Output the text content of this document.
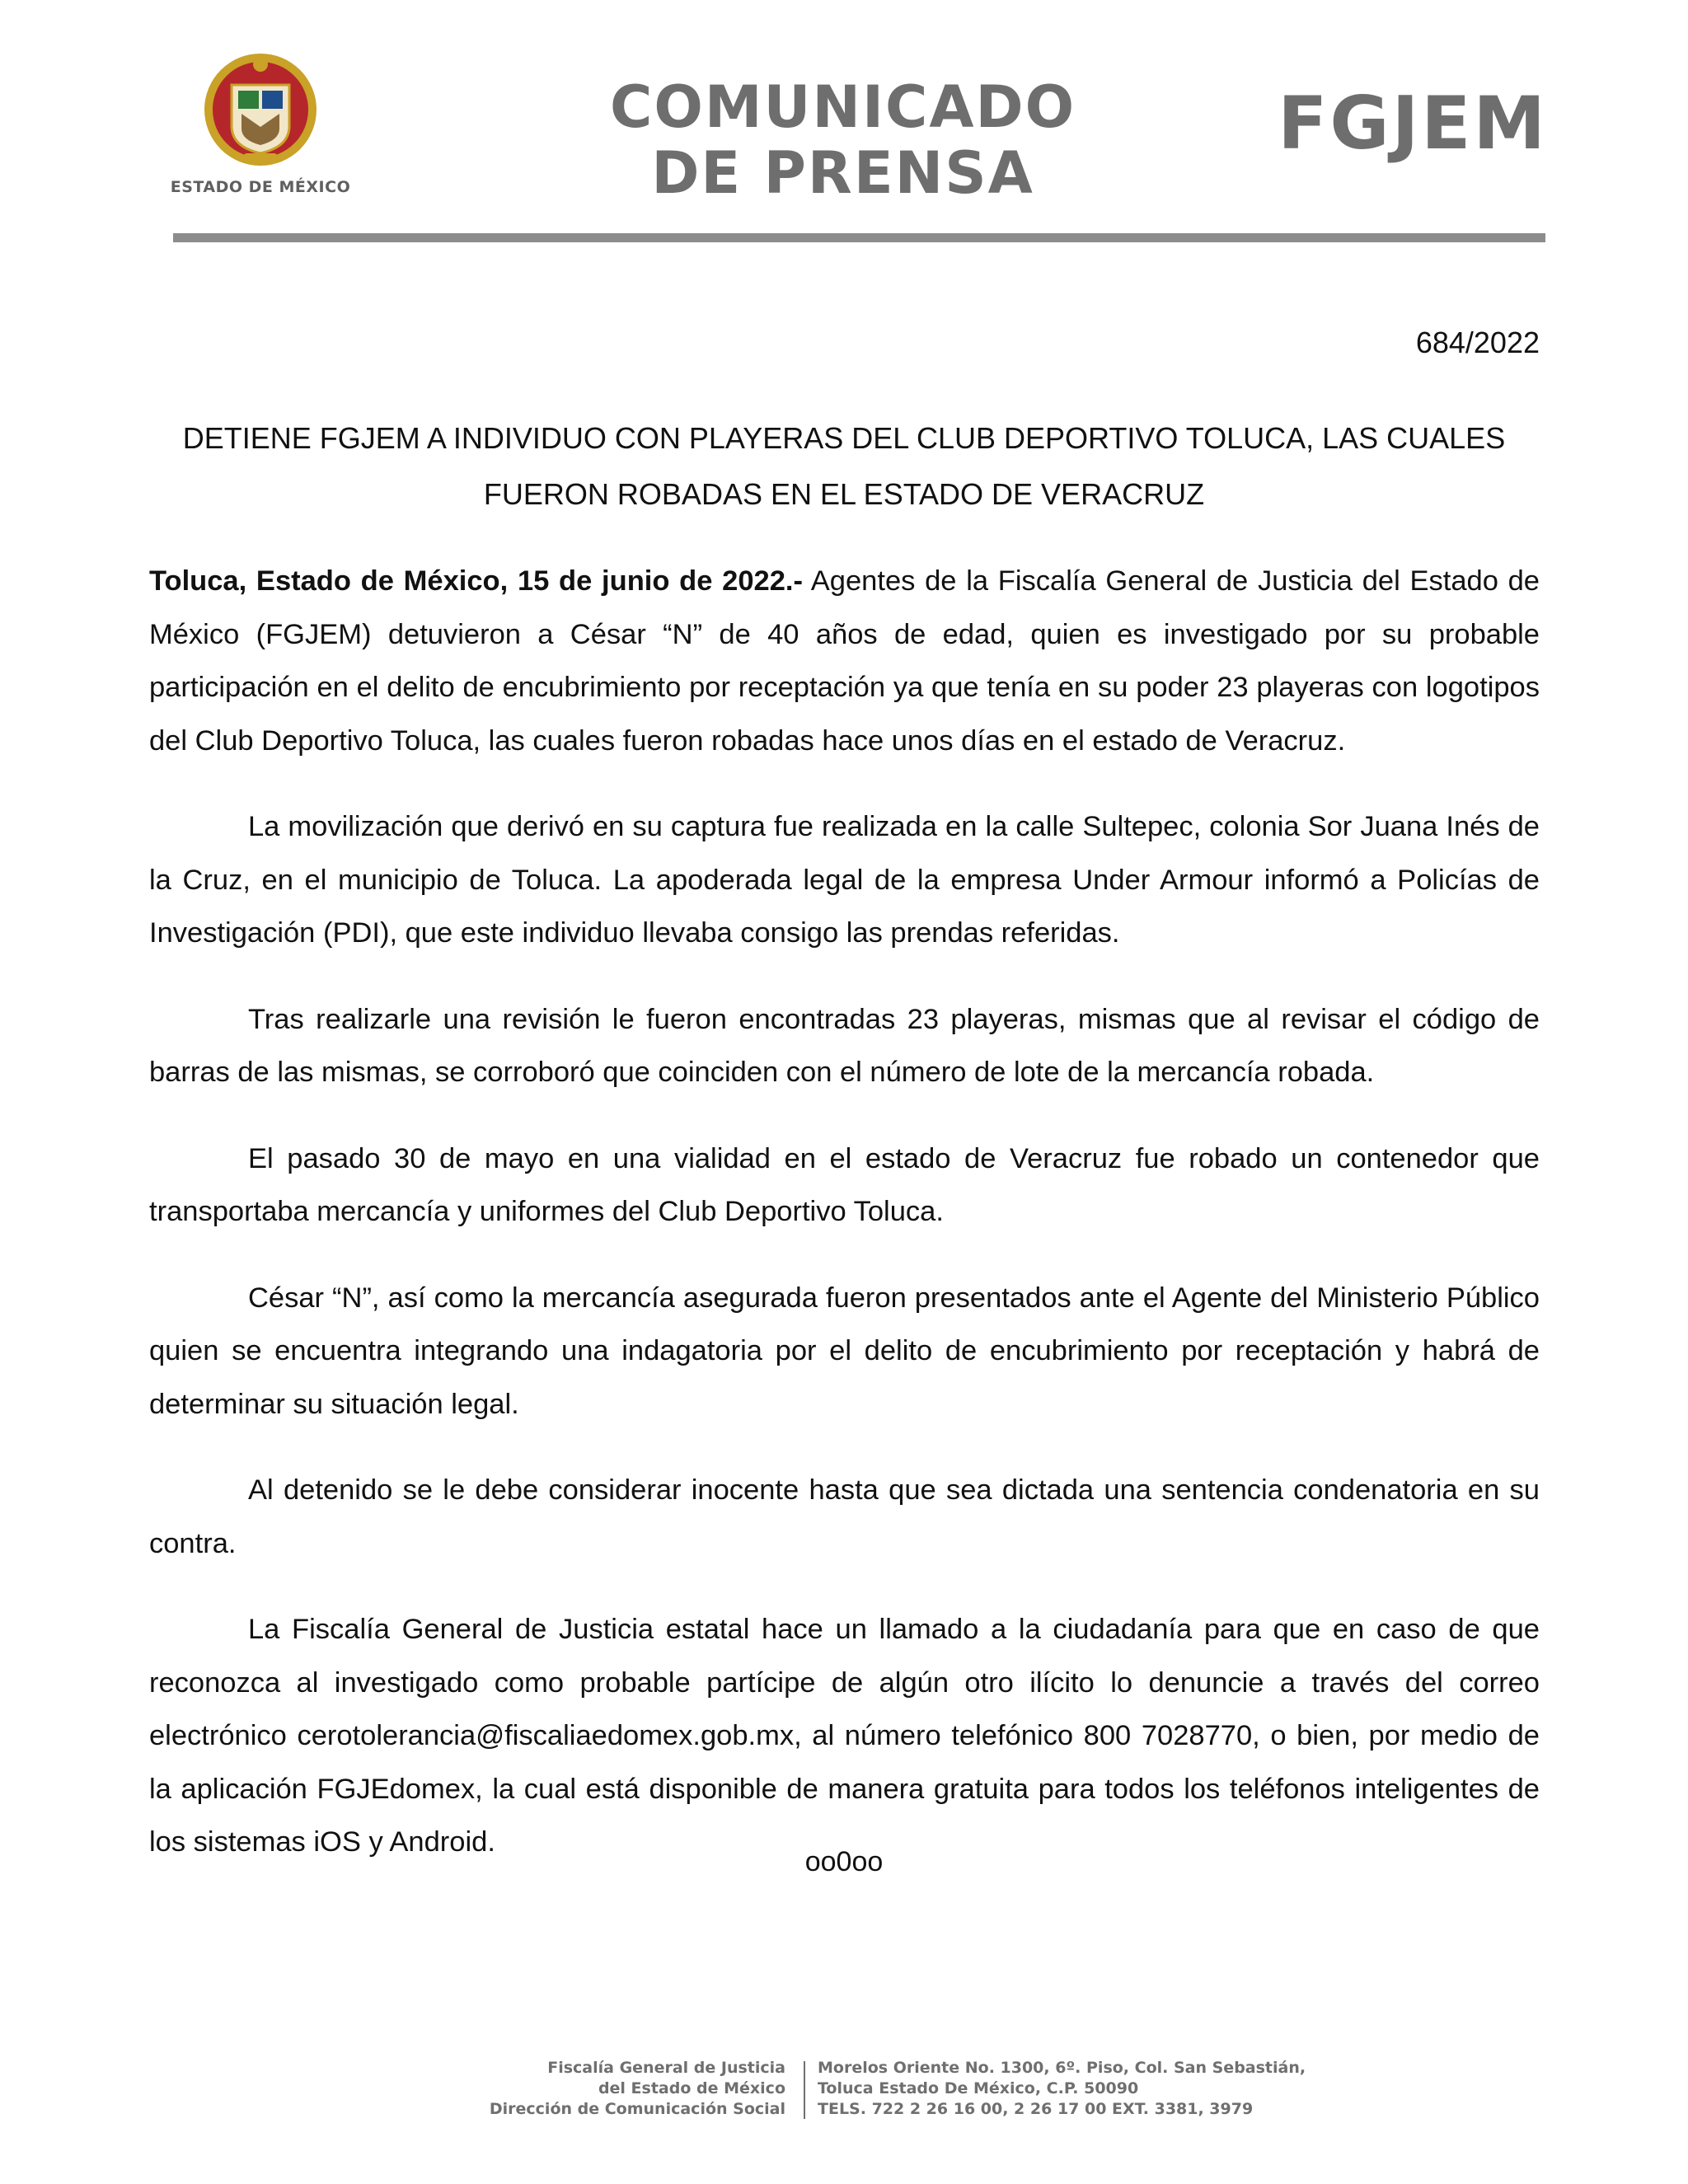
ESTADO DE MÉXICO
COMUNICADO
DE PRENSA
FGJEM
684/2022
DETIENE FGJEM A INDIVIDUO CON PLAYERAS DEL CLUB DEPORTIVO TOLUCA, LAS CUALES
FUERON ROBADAS EN EL ESTADO DE VERACRUZ

Toluca, Estado de México, 15 de junio de 2022.- Agentes de la Fiscalía General de Justicia del Estado de México (FGJEM) detuvieron a César “N” de 40 años de edad, quien es investigado por su probable participación en el delito de encubrimiento por receptación ya que tenía en su poder 23 playeras con logotipos del Club Deportivo Toluca, las cuales fueron robadas hace unos días en el estado de Veracruz.

La movilización que derivó en su captura fue realizada en la calle Sultepec, colonia Sor Juana Inés de la Cruz, en el municipio de Toluca. La apoderada legal de la empresa Under Armour informó a Policías de Investigación (PDI), que este individuo llevaba consigo las prendas referidas.

Tras realizarle una revisión le fueron encontradas 23 playeras, mismas que al revisar el código de barras de las mismas, se corroboró que coinciden con el número de lote de la mercancía robada.

El pasado 30 de mayo en una vialidad en el estado de Veracruz fue robado un contenedor que transportaba mercancía y uniformes del Club Deportivo Toluca.

César “N”, así como la mercancía asegurada fueron presentados ante el Agente del Ministerio Público quien se encuentra integrando una indagatoria por el delito de encubrimiento por receptación y habrá de determinar su situación legal.

Al detenido se le debe considerar inocente hasta que sea dictada una sentencia condenatoria en su contra.

La Fiscalía General de Justicia estatal hace un llamado a la ciudadanía para que en caso de que reconozca al investigado como probable partícipe de algún otro ilícito lo denuncie a través del correo electrónico cerotolerancia@fiscaliaedomex.gob.mx, al número telefónico 800 7028770, o bien, por medio de la aplicación FGJEdomex, la cual está disponible de manera gratuita para todos los teléfonos inteligentes de los sistemas iOS y Android.

oo0oo
Fiscalía General de Justicia
del Estado de México
Dirección de Comunicación Social
Morelos Oriente No. 1300, 6º. Piso, Col. San Sebastián,
Toluca Estado De México, C.P. 50090
TELS. 722 2 26 16 00, 2 26 17 00 EXT. 3381, 3979
